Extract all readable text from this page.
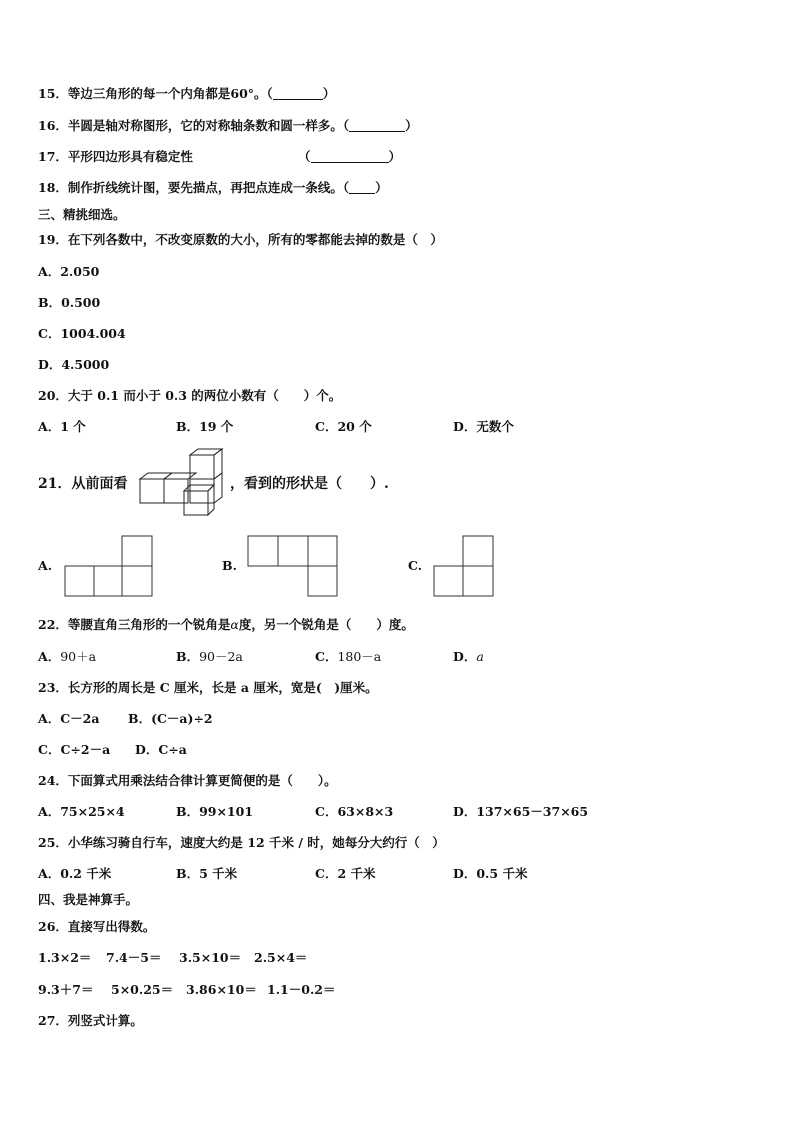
15．等边三角形的每一个内角都是60°。（	）
16．半圆是轴对称图形，它的对称轴条数和圆一样多。（	）
17．平形四边形具有稳定性	（	）
18．制作折线统计图，要先描点，再把点连成一条线。（ ）
三、精挑细选。
19．在下列各数中，不改变原数的大小，所有的零都能去掉的数是（　）
A．2.050
B．0.500
C．1004.004
D．4.5000
20．大于 0.1 而小于 0.3 的两位小数有（　　）个。
A．1 个	B．19 个	C．20 个	D．无数个
21．从前面看	，看到的形状是（　　）.
A.	B.	C.
22．等腰直角三角形的一个锐角是α度，另一个锐角是（　　）度。
A．90＋a	B．90－2a	C．180－a	D．a
23．长方形的周长是 C 厘米，长是 a 厘米，宽是(　)厘米。
A．C－2a B．(C－a)÷2
C．C÷2－a D．C÷a
24．下面算式用乘法结合律计算更简便的是（　　）。
A．75×25×4	B．99×101	C．63×8×3	D．137×65－37×65
25．小华练习骑自行车，速度大约是 12 千米 / 时，她每分大约行（　）
A．0.2 千米	B．5 千米	C．2 千米	D．0.5 千米
四、我是神算手。
26．直接写出得数。
1.3×2＝ 7.4－5＝ 3.5×10＝ 2.5×4＝
9.3＋7＝ 5×0.25＝ 3.86×10＝ 1.1－0.2＝
27．列竖式计算。
